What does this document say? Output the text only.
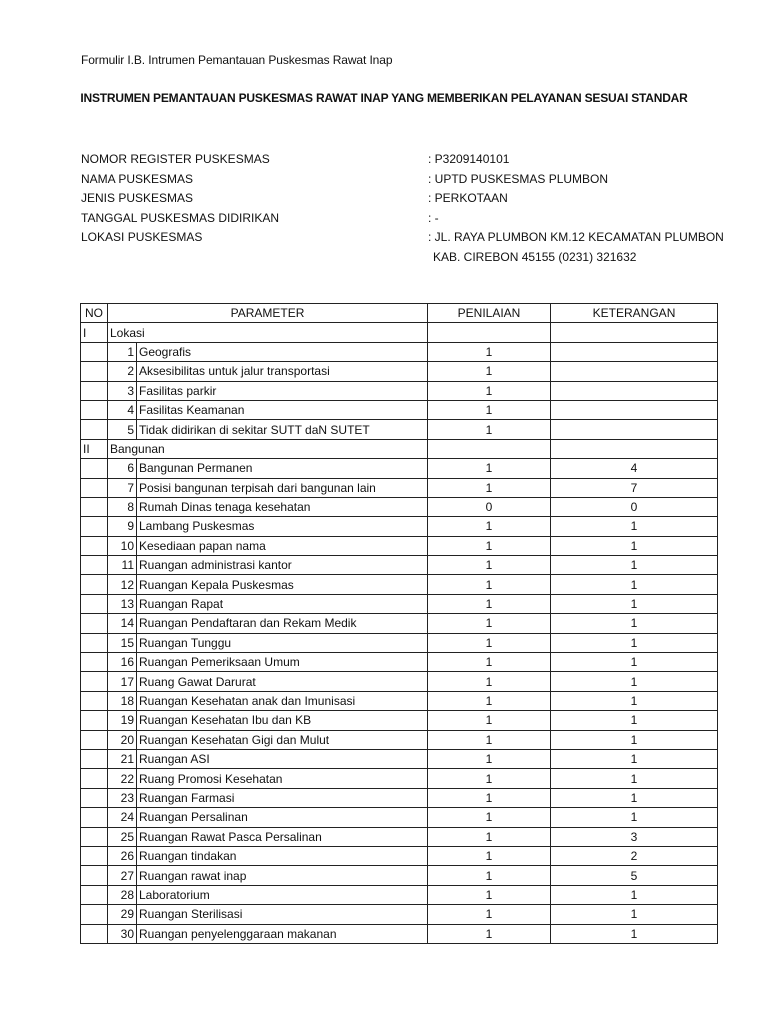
Formulir I.B. Intrumen Pemantauan Puskesmas Rawat Inap
INSTRUMEN PEMANTAUAN PUSKESMAS RAWAT INAP YANG MEMBERIKAN PELAYANAN SESUAI STANDAR
NOMOR REGISTER PUSKESMAS	: P3209140101
NAMA PUSKESMAS	: UPTD PUSKESMAS PLUMBON
JENIS PUSKESMAS	: PERKOTAAN
TANGGAL PUSKESMAS DIDIRIKAN	: -
LOKASI PUSKESMAS	: JL. RAYA PLUMBON KM.12 KECAMATAN PLUMBON
KAB. CIREBON 45155 (0231) 321632
NO	PARAMETER		PENILAIAN	KETERANGAN
I	Lokasi			
	1	Geografis	1	
	2	Aksesibilitas untuk jalur transportasi	1	
	3	Fasilitas parkir	1	
	4	Fasilitas Keamanan	1	
	5	Tidak didirikan di sekitar SUTT daN SUTET	1	
II	Bangunan			
	6	Bangunan Permanen	1	4
	7	Posisi bangunan terpisah dari bangunan lain	1	7
	8	Rumah Dinas tenaga kesehatan	0	0
	9	Lambang Puskesmas	1	1
	10	Kesediaan papan nama	1	1
	11	Ruangan administrasi kantor	1	1
	12	Ruangan Kepala Puskesmas	1	1
	13	Ruangan Rapat	1	1
	14	Ruangan Pendaftaran dan Rekam Medik	1	1
	15	Ruangan Tunggu	1	1
	16	Ruangan Pemeriksaan Umum	1	1
	17	Ruang Gawat Darurat	1	1
	18	Ruangan Kesehatan anak dan Imunisasi	1	1
	19	Ruangan Kesehatan Ibu dan KB	1	1
	20	Ruangan Kesehatan Gigi dan Mulut	1	1
	21	Ruangan ASI	1	1
	22	Ruang Promosi Kesehatan	1	1
	23	Ruangan Farmasi	1	1
	24	Ruangan Persalinan	1	1
	25	Ruangan Rawat Pasca Persalinan	1	3
	26	Ruangan tindakan	1	2
	27	Ruangan rawat inap	1	5
	28	Laboratorium	1	1
	29	Ruangan Sterilisasi	1	1
	30	Ruangan penyelenggaraan makanan	1	1
